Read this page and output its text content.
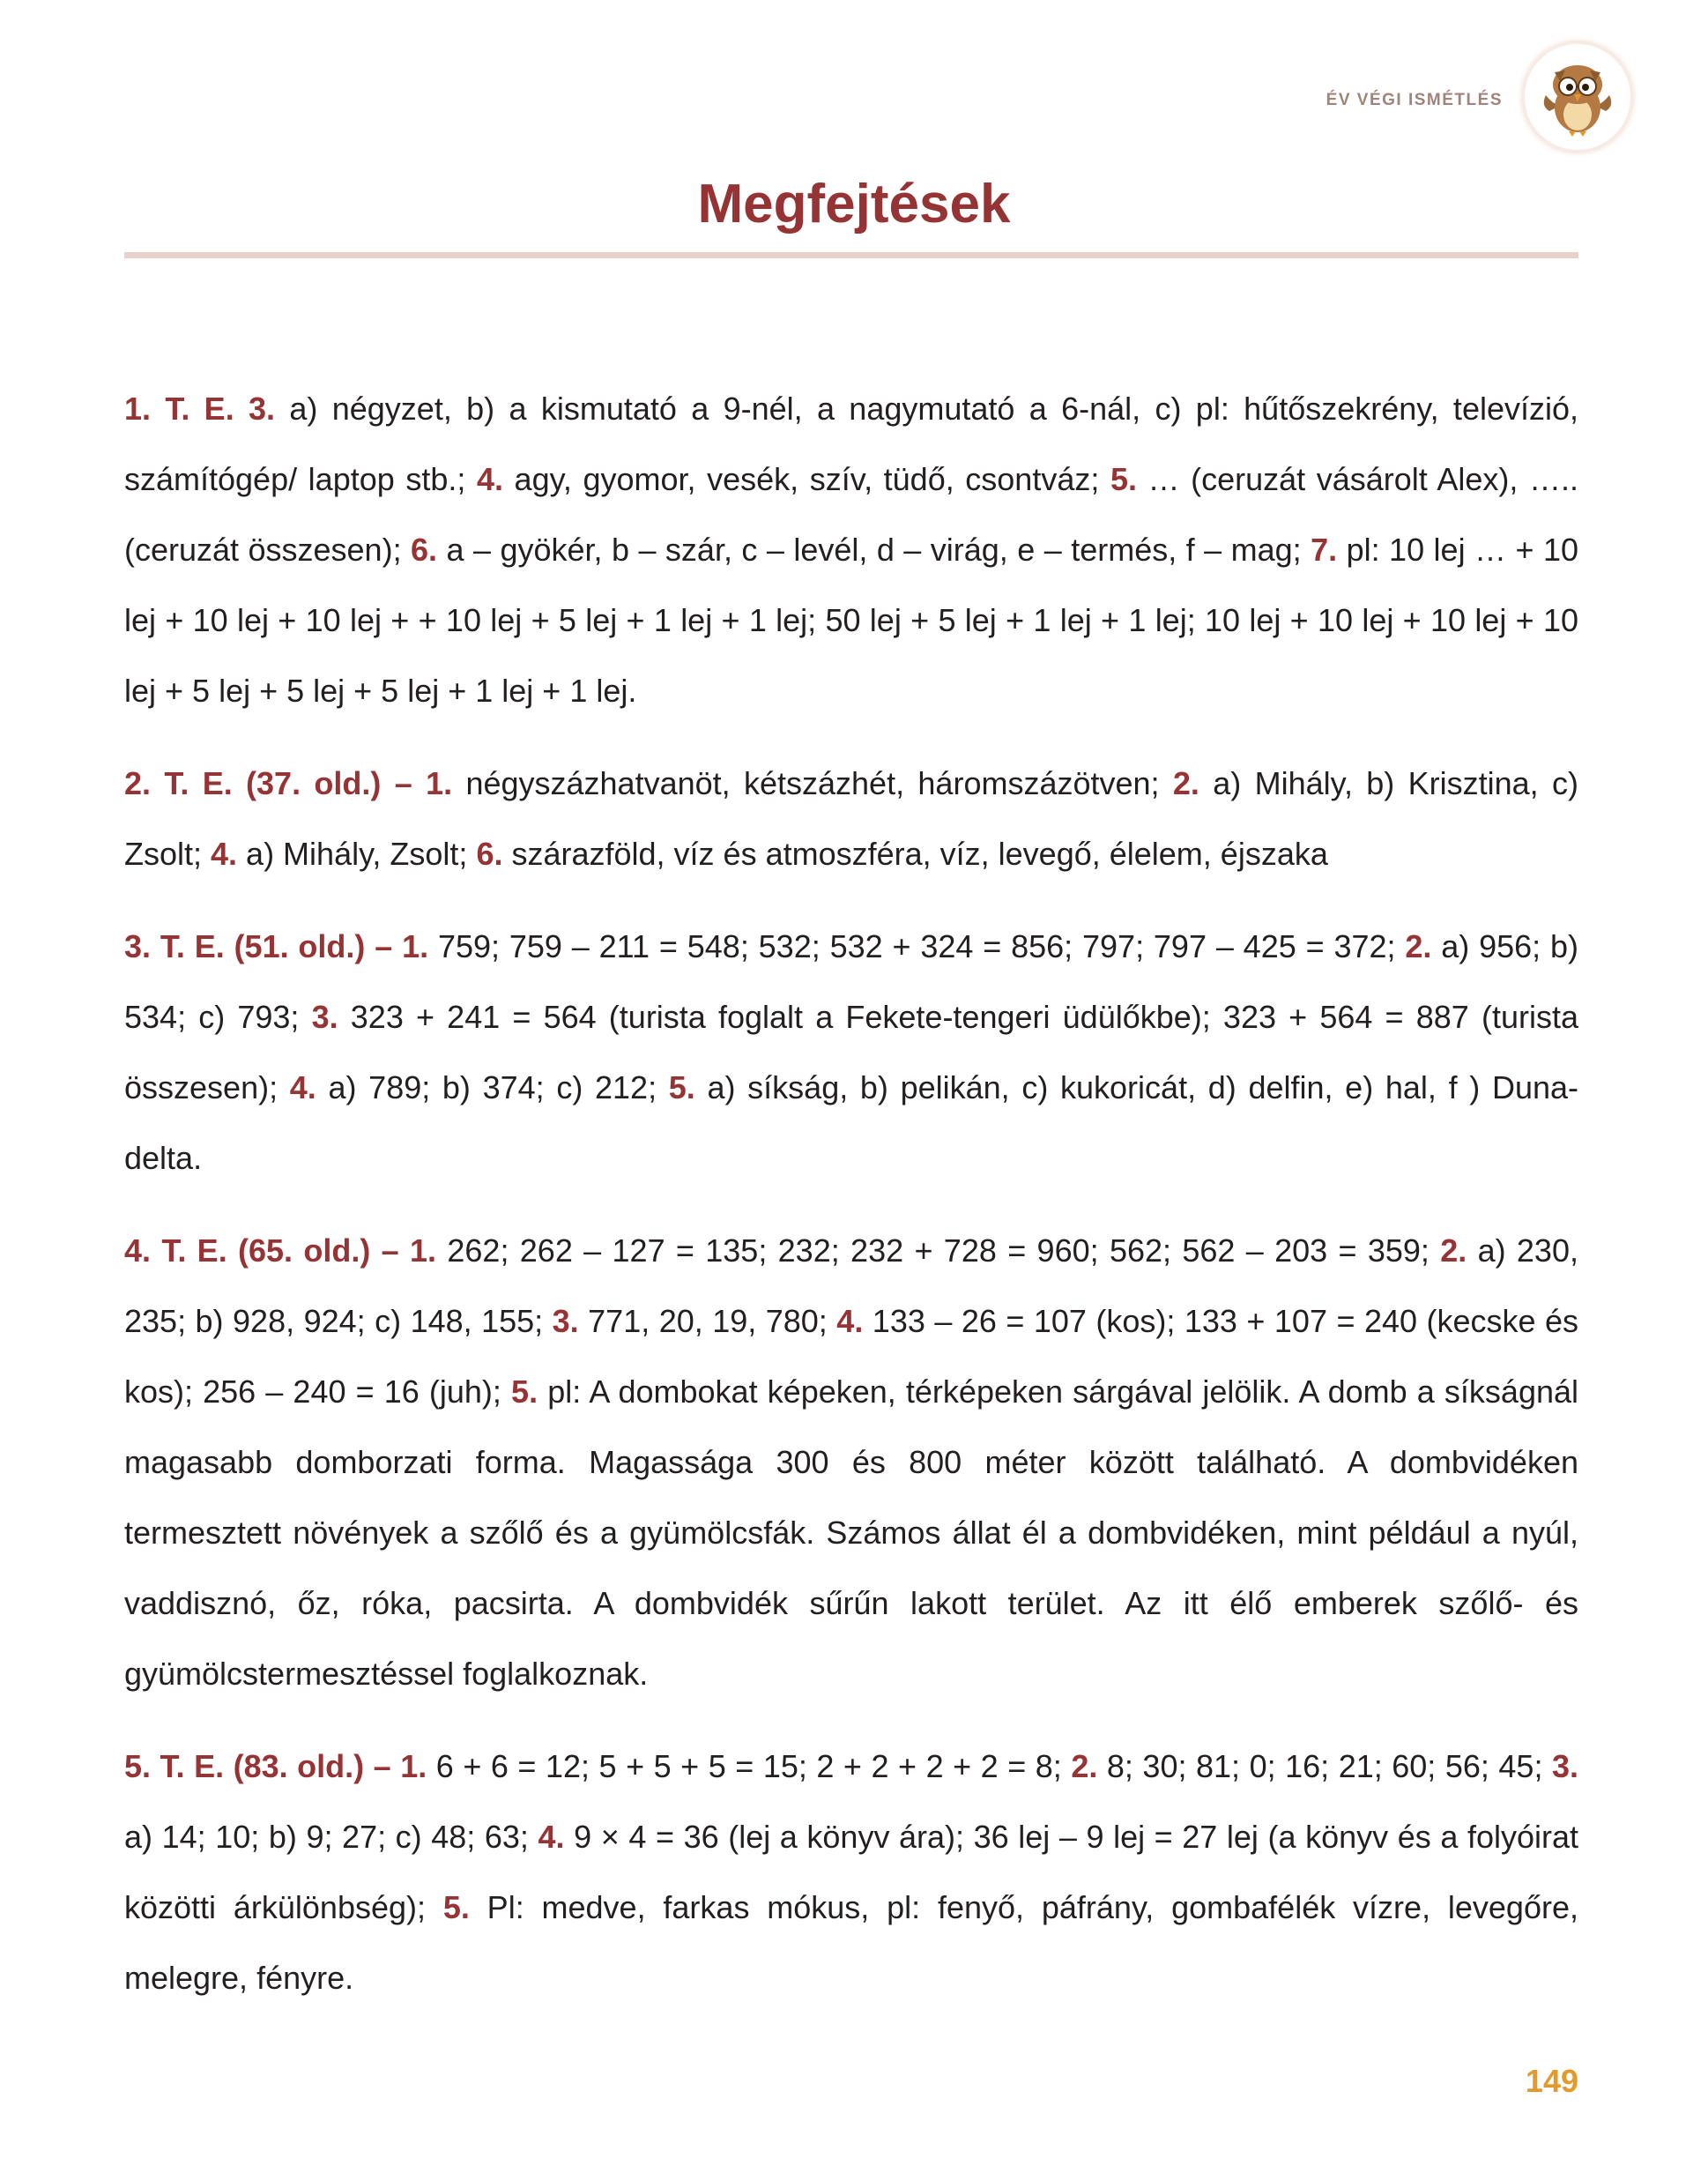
ÉV VÉGI ISMÉTLÉS
Megfejtések

1. T. E. 3. a) négyzet, b) a kismutató a 9-nél, a nagymutató a 6-nál, c) pl: hűtőszekrény, televízió, számítógép/ laptop stb.; 4. agy, gyomor, vesék, szív, tüdő, csontváz; 5. … (ceruzát vásárolt Alex), ….. (ceruzát összesen); 6. a – gyökér, b – szár, c – levél, d – virág, e – termés, f – mag; 7. pl: 10 lej … + 10 lej + 10 lej + 10 lej + + 10 lej + 5 lej + 1 lej + 1 lej; 50 lej + 5 lej + 1 lej + 1 lej; 10 lej + 10 lej + 10 lej + 10 lej + 5 lej + 5 lej + 5 lej + 1 lej + 1 lej.

2. T. E. (37. old.) – 1. négyszázhatvanöt, kétszázhét, háromszázötven; 2. a) Mihály, b) Krisztina, c) Zsolt; 4. a) Mihály, Zsolt; 6. szárazföld, víz és atmoszféra, víz, levegő, élelem, éjszaka

3. T. E. (51. old.) – 1. 759; 759 – 211 = 548; 532; 532 + 324 = 856; 797; 797 – 425 = 372; 2. a) 956; b) 534; c) 793; 3. 323 + 241 = 564 (turista foglalt a Fekete-tengeri üdülőkbe); 323 + 564 = 887 (turista összesen); 4. a) 789; b) 374; c) 212; 5. a) síkság, b) pelikán, c) kukoricát, d) delfin, e) hal, f ) Duna-delta.

4. T. E. (65. old.) – 1. 262; 262 – 127 = 135; 232; 232 + 728 = 960; 562; 562 – 203 = 359; 2. a) 230, 235; b) 928, 924; c) 148, 155; 3. 771, 20, 19, 780; 4. 133 – 26 = 107 (kos); 133 + 107 = 240 (kecske és kos); 256 – 240 = 16 (juh); 5. pl: A dombokat képeken, térképeken sárgával jelölik. A domb a síkságnál magasabb domborzati forma. Magassága 300 és 800 méter között található. A dombvidéken termesztett növények a szőlő és a gyümölcsfák. Számos állat él a dombvidéken, mint például a nyúl, vaddisznó, őz, róka, pacsirta. A dombvidék sűrűn lakott terület. Az itt élő emberek szőlő- és gyümölcstermesztéssel foglalkoznak.

5. T. E. (83. old.) – 1. 6 + 6 = 12; 5 + 5 + 5 = 15; 2 + 2 + 2 + 2 = 8; 2. 8; 30; 81; 0; 16; 21; 60; 56; 45; 3. a) 14; 10; b) 9; 27; c) 48; 63; 4. 9 × 4 = 36 (lej a könyv ára); 36 lej – 9 lej = 27 lej (a könyv és a folyóirat közötti árkülönbség); 5. Pl: medve, farkas mókus, pl: fenyő, páfrány, gombafélék vízre, levegőre, melegre, fényre.

149
